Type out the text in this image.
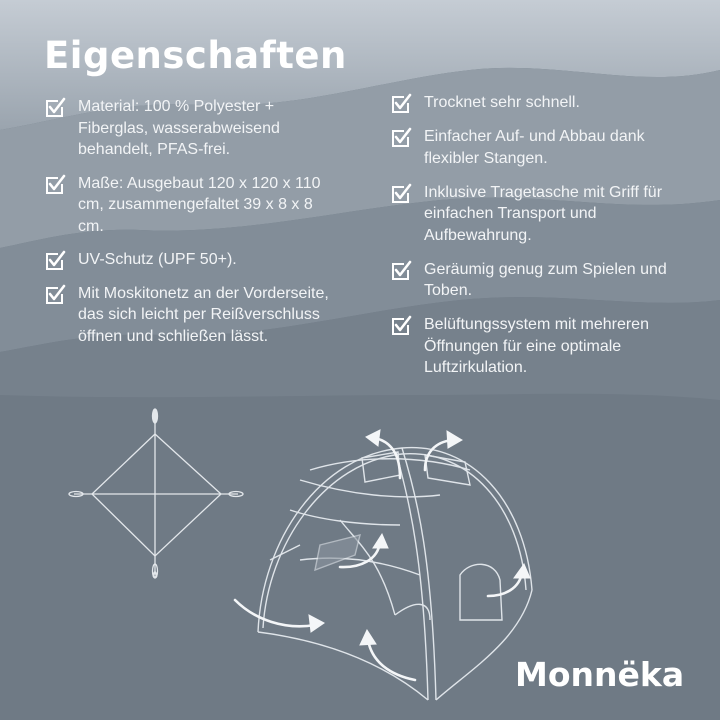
Eigenschaften
Material: 100 % Polyester + Fiberglas, wasserabweisend behandelt, PFAS-frei.
Maße: Ausgebaut 120 x 120 x 110 cm, zusammengefaltet 39 x 8 x 8 cm.
UV-Schutz (UPF 50+).
Mit Moskitonetz an der Vorderseite, das sich leicht per Reißverschluss öffnen und schließen lässt.
Trocknet sehr schnell.
Einfacher Auf- und Abbau dank flexibler Stangen.
Inklusive Tragetasche mit Griff für einfachen Transport und Aufbewahrung.
Geräumig genug zum Spielen und Toben.
Belüftungssystem mit mehreren Öffnungen für eine optimale Luftzirkulation.
Monnëka
